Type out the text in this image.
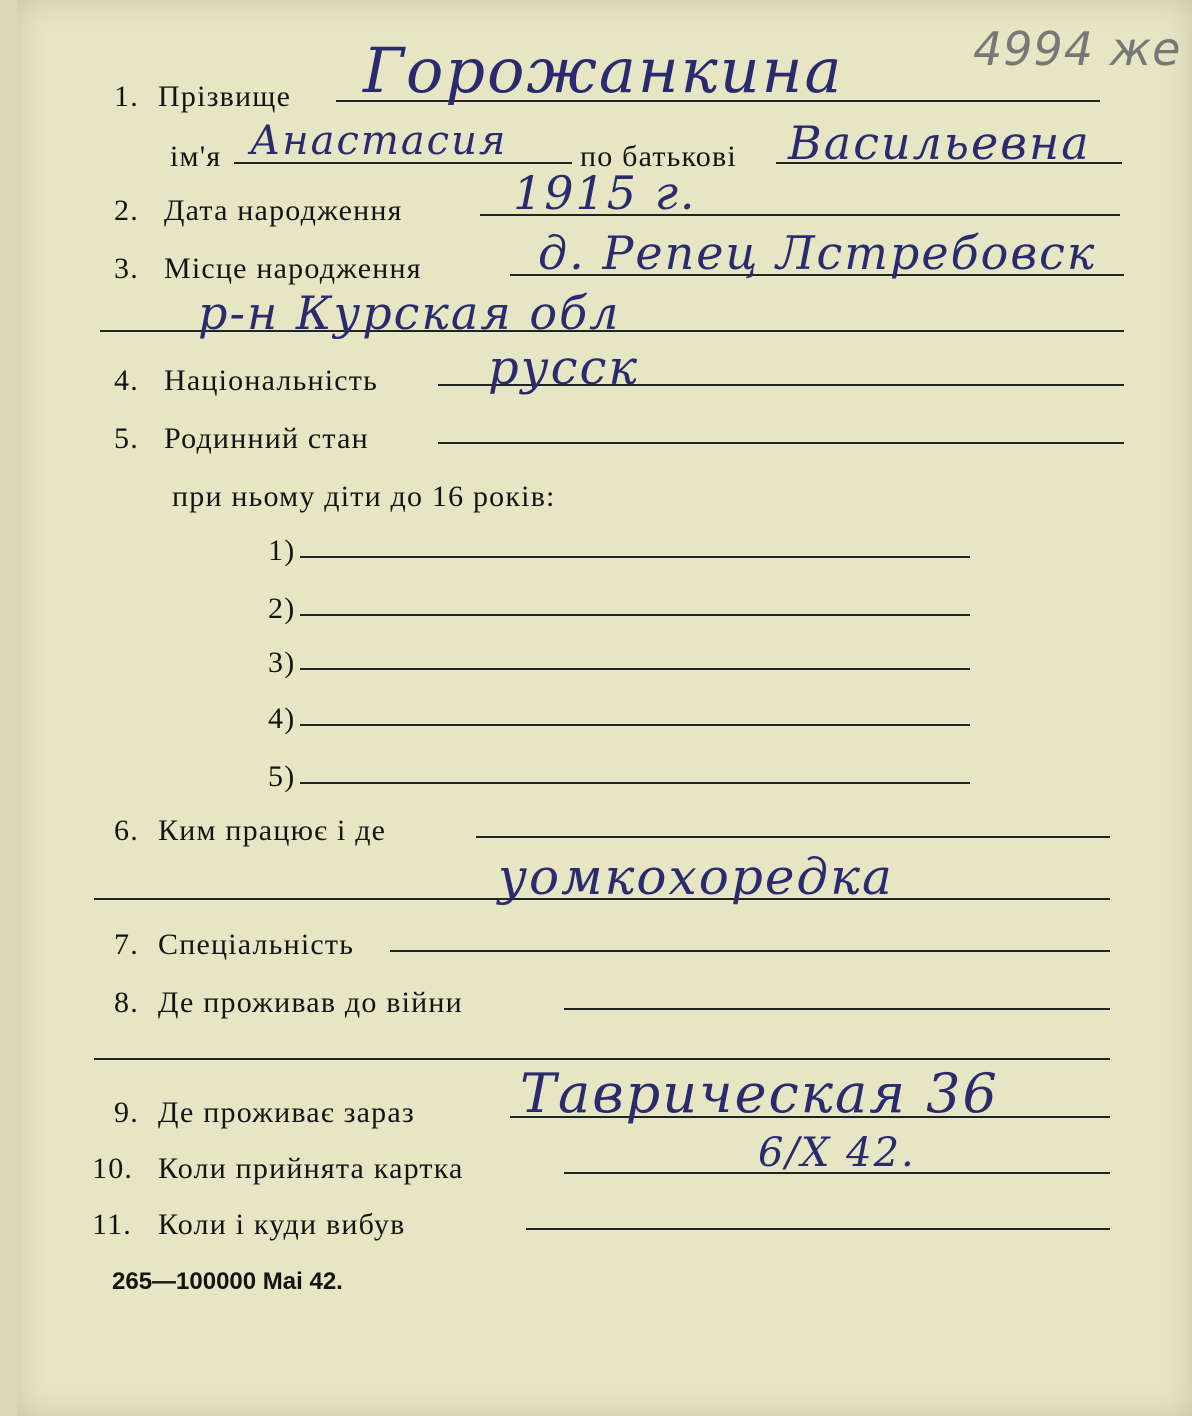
4994 же
1. Прізвище Горожанкина
ім'я Анастасия по батькові Васильевна
2. Дата народження 1915 г.
3. Місце народження	д. Репец Лстребовск
р-н Курская обл
4. Національність русск
5. Родинний стан
при ньому діти до 16 років:
1)
2)
3)
4)
5)
6. Ким працює і де
уомкохоредка
7. Спеціальність
8. Де проживав до війни
9. Де проживає зараз Таврическая 36
10. Коли прийнята картка	6/X 42.
11. Коли і куди вибув
265—100000 Mai 42.
